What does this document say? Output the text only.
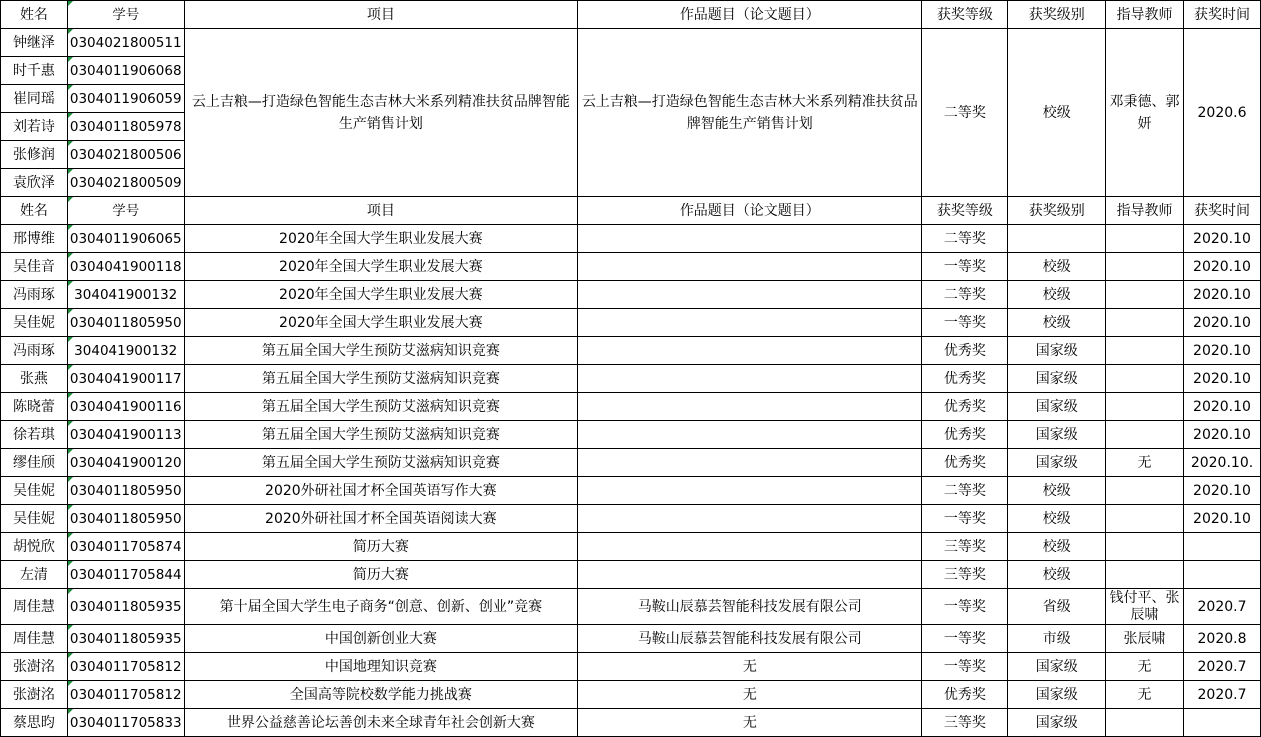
姓名	学号	项目	作品题目（论文题目）	获奖等级	获奖级别	指导教师	获奖时间
钟继泽	0304021800511	云上吉粮—打造绿色智能生态吉林大米系列精准扶贫品牌智能生产销售计划	云上吉粮—打造绿色智能生态吉林大米系列精准扶贫品牌智能生产销售计划	二等奖	校级	邓秉德、郭妍	2020.6
时千惠	0304011906068						
崔同瑶	0304011906059						
刘若诗	0304011805978						
张修润	0304021800506						
袁欣泽	0304021800509						
姓名	学号	项目	作品题目（论文题目）	获奖等级	获奖级别	指导教师	获奖时间
邢博维	0304011906065	2020年全国大学生职业发展大赛		二等奖			2020.10
吴佳音	0304041900118	2020年全国大学生职业发展大赛		一等奖	校级		2020.10
冯雨琢	304041900132	2020年全国大学生职业发展大赛		二等奖	校级		2020.10
吴佳妮	0304011805950	2020年全国大学生职业发展大赛		一等奖	校级		2020.10
冯雨琢	304041900132	第五届全国大学生预防艾滋病知识竞赛		优秀奖	国家级		2020.10
张燕	0304041900117	第五届全国大学生预防艾滋病知识竞赛		优秀奖	国家级		2020.10
陈晓蕾	0304041900116	第五届全国大学生预防艾滋病知识竞赛		优秀奖	国家级		2020.10
徐若琪	0304041900113	第五届全国大学生预防艾滋病知识竞赛		优秀奖	国家级		2020.10
缪佳颀	0304041900120	第五届全国大学生预防艾滋病知识竞赛		优秀奖	国家级	无	2020.10.
吴佳妮	0304011805950	2020外研社国才杯全国英语写作大赛		二等奖	校级		2020.10
吴佳妮	0304011805950	2020外研社国才杯全国英语阅读大赛		一等奖	校级		2020.10
胡悦欣	0304011705874	简历大赛		三等奖	校级		
左清	0304011705844	简历大赛		三等奖	校级		
周佳慧	0304011805935	第十届全国大学生电子商务“创意、创新、创业”竞赛	马鞍山辰慕芸智能科技发展有限公司	一等奖	省级	钱付平、张辰啸	2020.7
周佳慧	0304011805935	中国创新创业大赛	马鞍山辰慕芸智能科技发展有限公司	一等奖	市级	张辰啸	2020.8
张澍洺	0304011705812	中国地理知识竞赛	无	一等奖	国家级	无	2020.7
张澍洺	0304011705812	全国高等院校数学能力挑战赛	无	优秀奖	国家级	无	2020.7
蔡思昀	0304011705833	世界公益慈善论坛善创未来全球青年社会创新大赛	无	三等奖	国家级		
